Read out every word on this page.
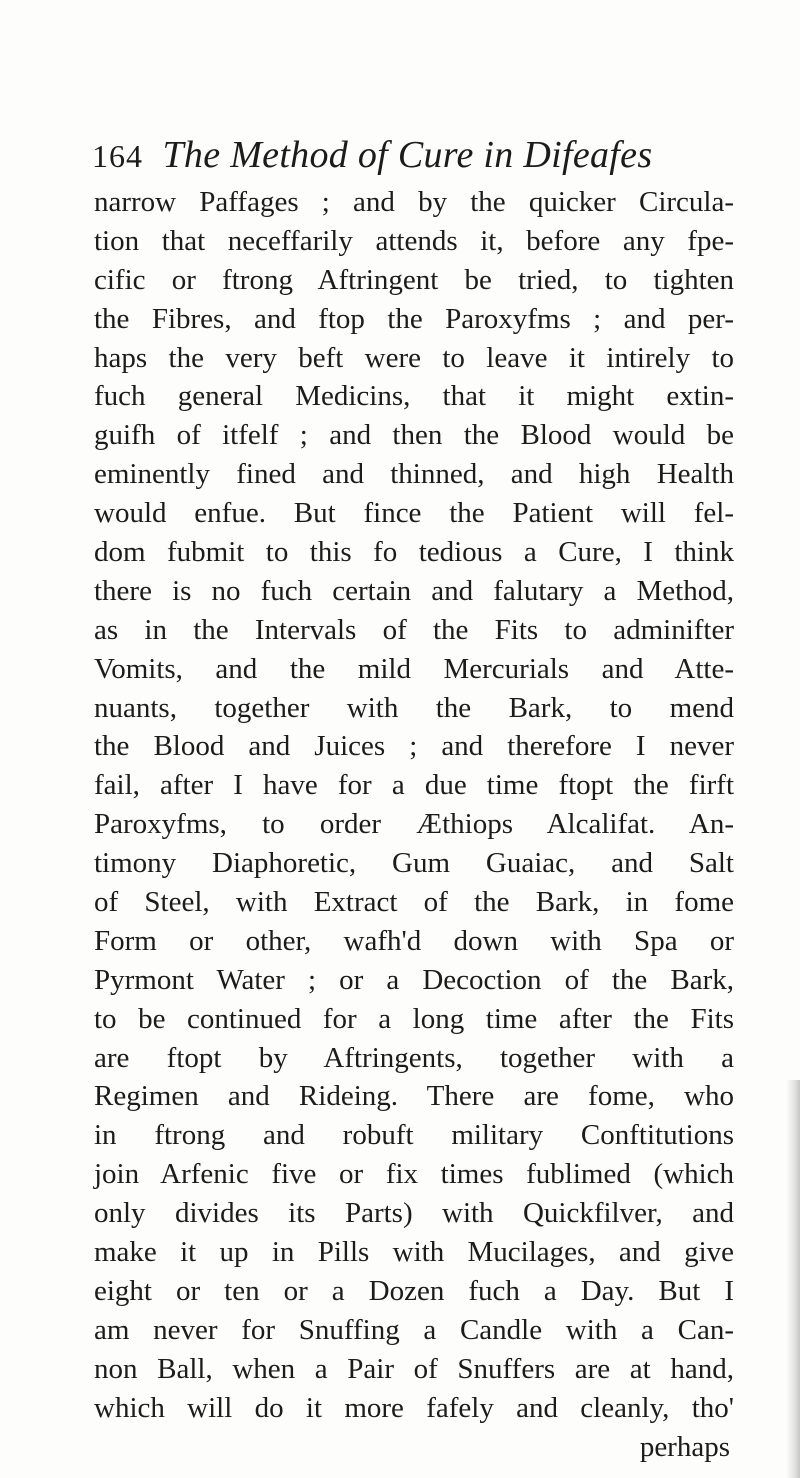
164 The Method of Cure in Difeafes
narrow Paffages ; and by the quicker Circula-
tion that neceffarily attends it, before any fpe-
cific or ftrong Aftringent be tried, to tighten
the Fibres, and ftop the Paroxyfms ; and per-
haps the very beft were to leave it intirely to
fuch general Medicins, that it might extin-
guifh of itfelf ; and then the Blood would be
eminently fined and thinned, and high Health
would enfue. But fince the Patient will fel-
dom fubmit to this fo tedious a Cure, I think
there is no fuch certain and falutary a Method,
as in the Intervals of the Fits to adminifter
Vomits, and the mild Mercurials and Atte-
nuants, together with the Bark, to mend
the Blood and Juices ; and therefore I never
fail, after I have for a due time ftopt the firft
Paroxyfms, to order Æthiops Alcalifat. An-
timony Diaphoretic, Gum Guaiac, and Salt
of Steel, with Extract of the Bark, in fome
Form or other, wafh'd down with Spa or
Pyrmont Water ; or a Decoction of the Bark,
to be continued for a long time after the Fits
are ftopt by Aftringents, together with a
Regimen and Rideing. There are fome, who
in ftrong and robuft military Conftitutions
join Arfenic five or fix times fublimed (which
only divides its Parts) with Quickfilver, and
make it up in Pills with Mucilages, and give
eight or ten or a Dozen fuch a Day. But I
am never for Snuffing a Candle with a Can-
non Ball, when a Pair of Snuffers are at hand,
which will do it more fafely and cleanly, tho'
perhaps
